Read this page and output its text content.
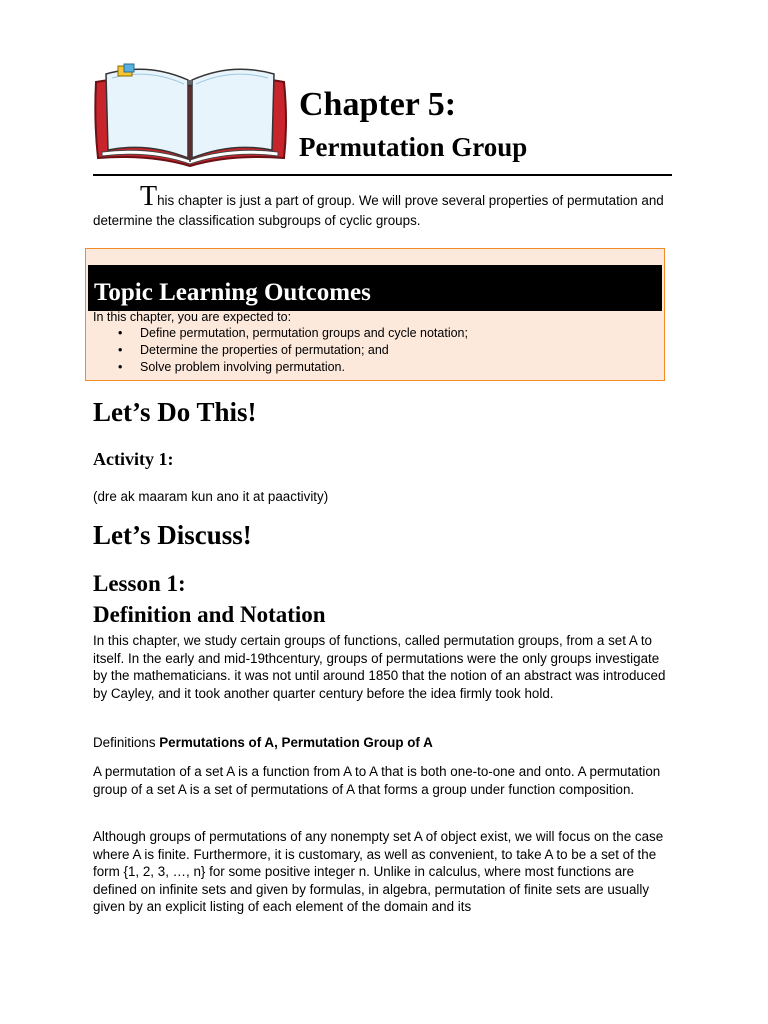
Chapter 5:
Permutation Group

This chapter is just a part of group. We will prove several properties of permutation and determine the classification subgroups of cyclic groups.

Topic Learning Outcomes

In this chapter, you are expected to:

• Define permutation, permutation groups and cycle notation;
• Determine the properties of permutation; and
• Solve problem involving permutation.
Let’s Do This!
Activity 1:

(dre ak maaram kun ano it at paactivity)

Let’s Discuss!
Lesson 1:
Definition and Notation

In this chapter, we study certain groups of functions, called permutation groups, from a set A to itself. In the early and mid-19thcentury, groups of permutations were the only groups investigate by the mathematicians. it was not until around 1850 that the notion of an abstract was introduced by Cayley, and it took another quarter century before the idea firmly took hold.

Definitions Permutations of A, Permutation Group of A

A permutation of a set A is a function from A to A that is both one-to-one and onto. A permutation group of a set A is a set of permutations of A that forms a group under function composition.

Although groups of permutations of any nonempty set A of object exist, we will focus on the case where A is finite. Furthermore, it is customary, as well as convenient, to take A to be a set of the form {1, 2, 3, …, n} for some positive integer n. Unlike in calculus, where most functions are defined on infinite sets and given by formulas, in algebra, permutation of finite sets are usually given by an explicit listing of each element of the domain and its
